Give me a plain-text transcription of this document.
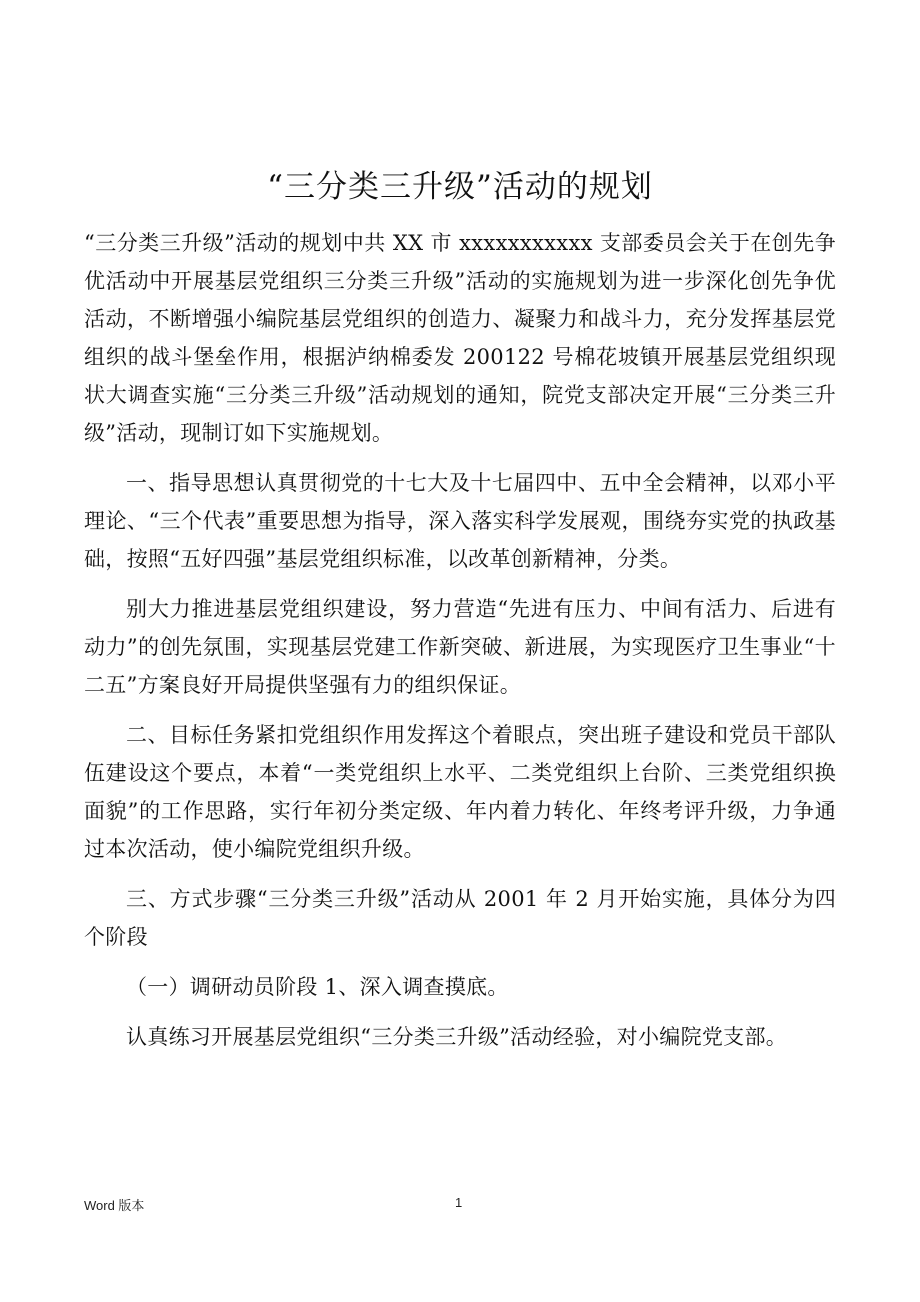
“三分类三升级”活动的规划

“三分类三升级”活动的规划中共 XX 市 xxxxxxxxxxx 支部委员会关于在创先争优活动中开展基层党组织三分类三升级”活动的实施规划为进一步深化创先争优活动，不断增强小编院基层党组织的创造力、凝聚力和战斗力，充分发挥基层党组织的战斗堡垒作用，根据泸纳棉委发 200122 号棉花坡镇开展基层党组织现状大调查实施“三分类三升级”活动规划的通知，院党支部决定开展“三分类三升级”活动，现制订如下实施规划。

一、指导思想认真贯彻党的十七大及十七届四中、五中全会精神，以邓小平理论、“三个代表”重要思想为指导，深入落实科学发展观，围绕夯实党的执政基础，按照“五好四强”基层党组织标准，以改革创新精神，分类。

别大力推进基层党组织建设，努力营造“先进有压力、中间有活力、后进有动力”的创先氛围，实现基层党建工作新突破、新进展，为实现医疗卫生事业“十二五”方案良好开局提供坚强有力的组织保证。

二、目标任务紧扣党组织作用发挥这个着眼点，突出班子建设和党员干部队伍建设这个要点，本着“一类党组织上水平、二类党组织上台阶、三类党组织换面貌”的工作思路，实行年初分类定级、年内着力转化、年终考评升级，力争通过本次活动，使小编院党组织升级。

三、方式步骤“三分类三升级”活动从 2001 年 2 月开始实施，具体分为四个阶段

（一）调研动员阶段 1、深入调查摸底。

认真练习开展基层党组织“三分类三升级”活动经验，对小编院党支部。

Word 版本	1
